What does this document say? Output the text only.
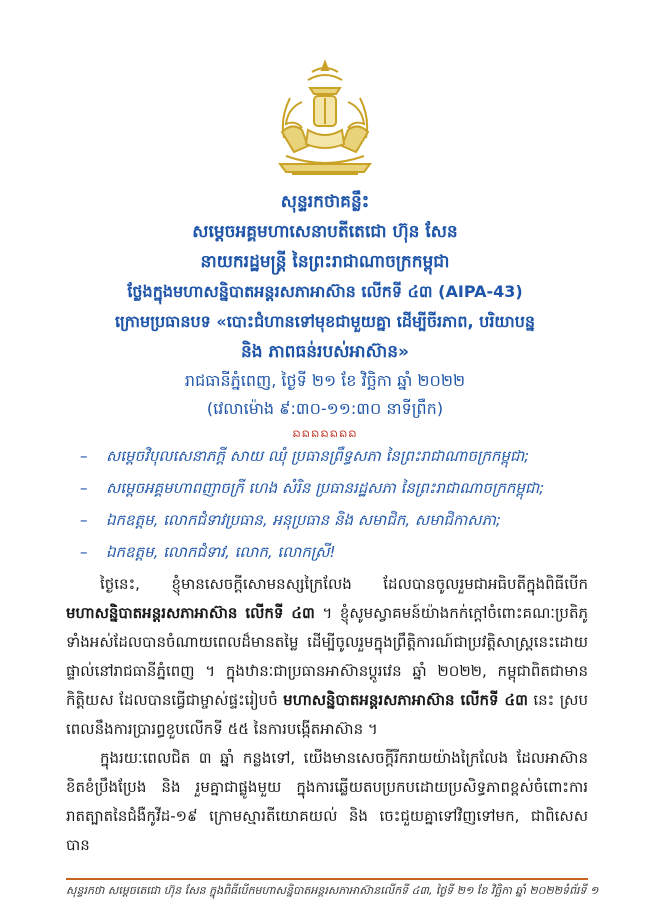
សុន្ទរកថាគន្លឹះ
សម្តេចអគ្គមហាសេនាបតីតេជោ ហ៊ុន សែន
នាយករដ្ឋមន្ត្រី នៃព្រះរាជាណាចក្រកម្ពុជា
ថ្លែងក្នុងមហាសន្និបាតអន្តរសភាអាស៊ាន លើកទី ៤៣ (AIPA-43)
ក្រោមប្រធានបទ «បោះជំហានទៅមុខជាមួយគ្នា ដើម្បីចីរភាព, បរិយាបន្ន
និង ភាពធន់របស់អាស៊ាន»
រាជធានីភ្នំពេញ, ថ្ងៃទី ២១ ខែ វិច្ឆិកា ឆ្នាំ ២០២២
(វេលាម៉ោង ៩:៣០-១១:៣០ នាទីព្រឹក)
ᨦᨦᨦᨦᨦᨦᨦ
– សម្តេចវិបុលសេនាភក្តី សាយ ឈុំ ប្រធានព្រឹទ្ធសភា នៃព្រះរាជាណាចក្រកម្ពុជា;
– សម្តេចអគ្គមហាពញាចក្រី ហេង សំរិន ប្រធានរដ្ឋសភា នៃព្រះរាជាណាចក្រកម្ពុជា;
– ឯកឧត្តម, លោកជំទាវប្រធាន, អនុប្រធាន និង សមាជិក, សមាជិកាសភា;
– ឯកឧត្តម, លោកជំទាវ, លោក, លោកស្រី!

ថ្ងៃនេះ, ខ្ញុំមានសេចក្តីសោមនស្សក្រៃលែង ដែលបានចូលរួមជាអធិបតីក្នុងពិធីបើក មហាសន្និបាតអន្តរសភាអាស៊ាន លើកទី ៤៣ ។ ខ្ញុំសូមស្វាគមន៍យ៉ាងកក់ក្តៅចំពោះគណៈប្រតិភូទាំងអស់ដែលបានចំណាយពេលដ៏មានតម្លៃ ដើម្បីចូលរួមក្នុងព្រឹត្តិការណ៍ជាប្រវត្តិសាស្ត្រនេះដោយផ្ទាល់នៅរាជធានីភ្នំពេញ ។ ក្នុងឋានៈជាប្រធានអាស៊ានប្តូរវេន ឆ្នាំ ២០២២, កម្ពុជាពិតជាមានកិត្តិយស ដែលបានធ្វើជាម្ចាស់ផ្ទះរៀបចំ មហាសន្និបាតអន្តរសភាអាស៊ាន លើកទី ៤៣ នេះ ស្របពេលនឹងការប្រារព្ធខួបលើកទី ៥៥ នៃការបង្កើតអាស៊ាន ។

ក្នុងរយៈពេលជិត ៣ ឆ្នាំ កន្លងទៅ, យើងមានសេចក្តីរីករាយយ៉ាងក្រៃលែង ដែលអាស៊ានខិតខំប្រឹងប្រែង និង រួមគ្នាជាផ្លូងមួយ ក្នុងការឆ្លើយតបប្រកបដោយប្រសិទ្ធភាពខ្ពស់ចំពោះការរាតត្បាតនៃជំងឺកូវីដ-១៩ ក្រោមស្មារតីយោគយល់ និង ចេះជួយគ្នាទៅវិញទៅមក, ជាពិសេស បាន

សុន្ទរកថា សម្តេចតេជោ ហ៊ុន សែន ក្នុងពិធីបើកមហាសន្និបាតអន្តរសភាអាស៊ានលើកទី ៤៣, ថ្ងៃទី ២១ ខែ វិច្ឆិកា ឆ្នាំ ២០២២ ទំព័រទី ១
